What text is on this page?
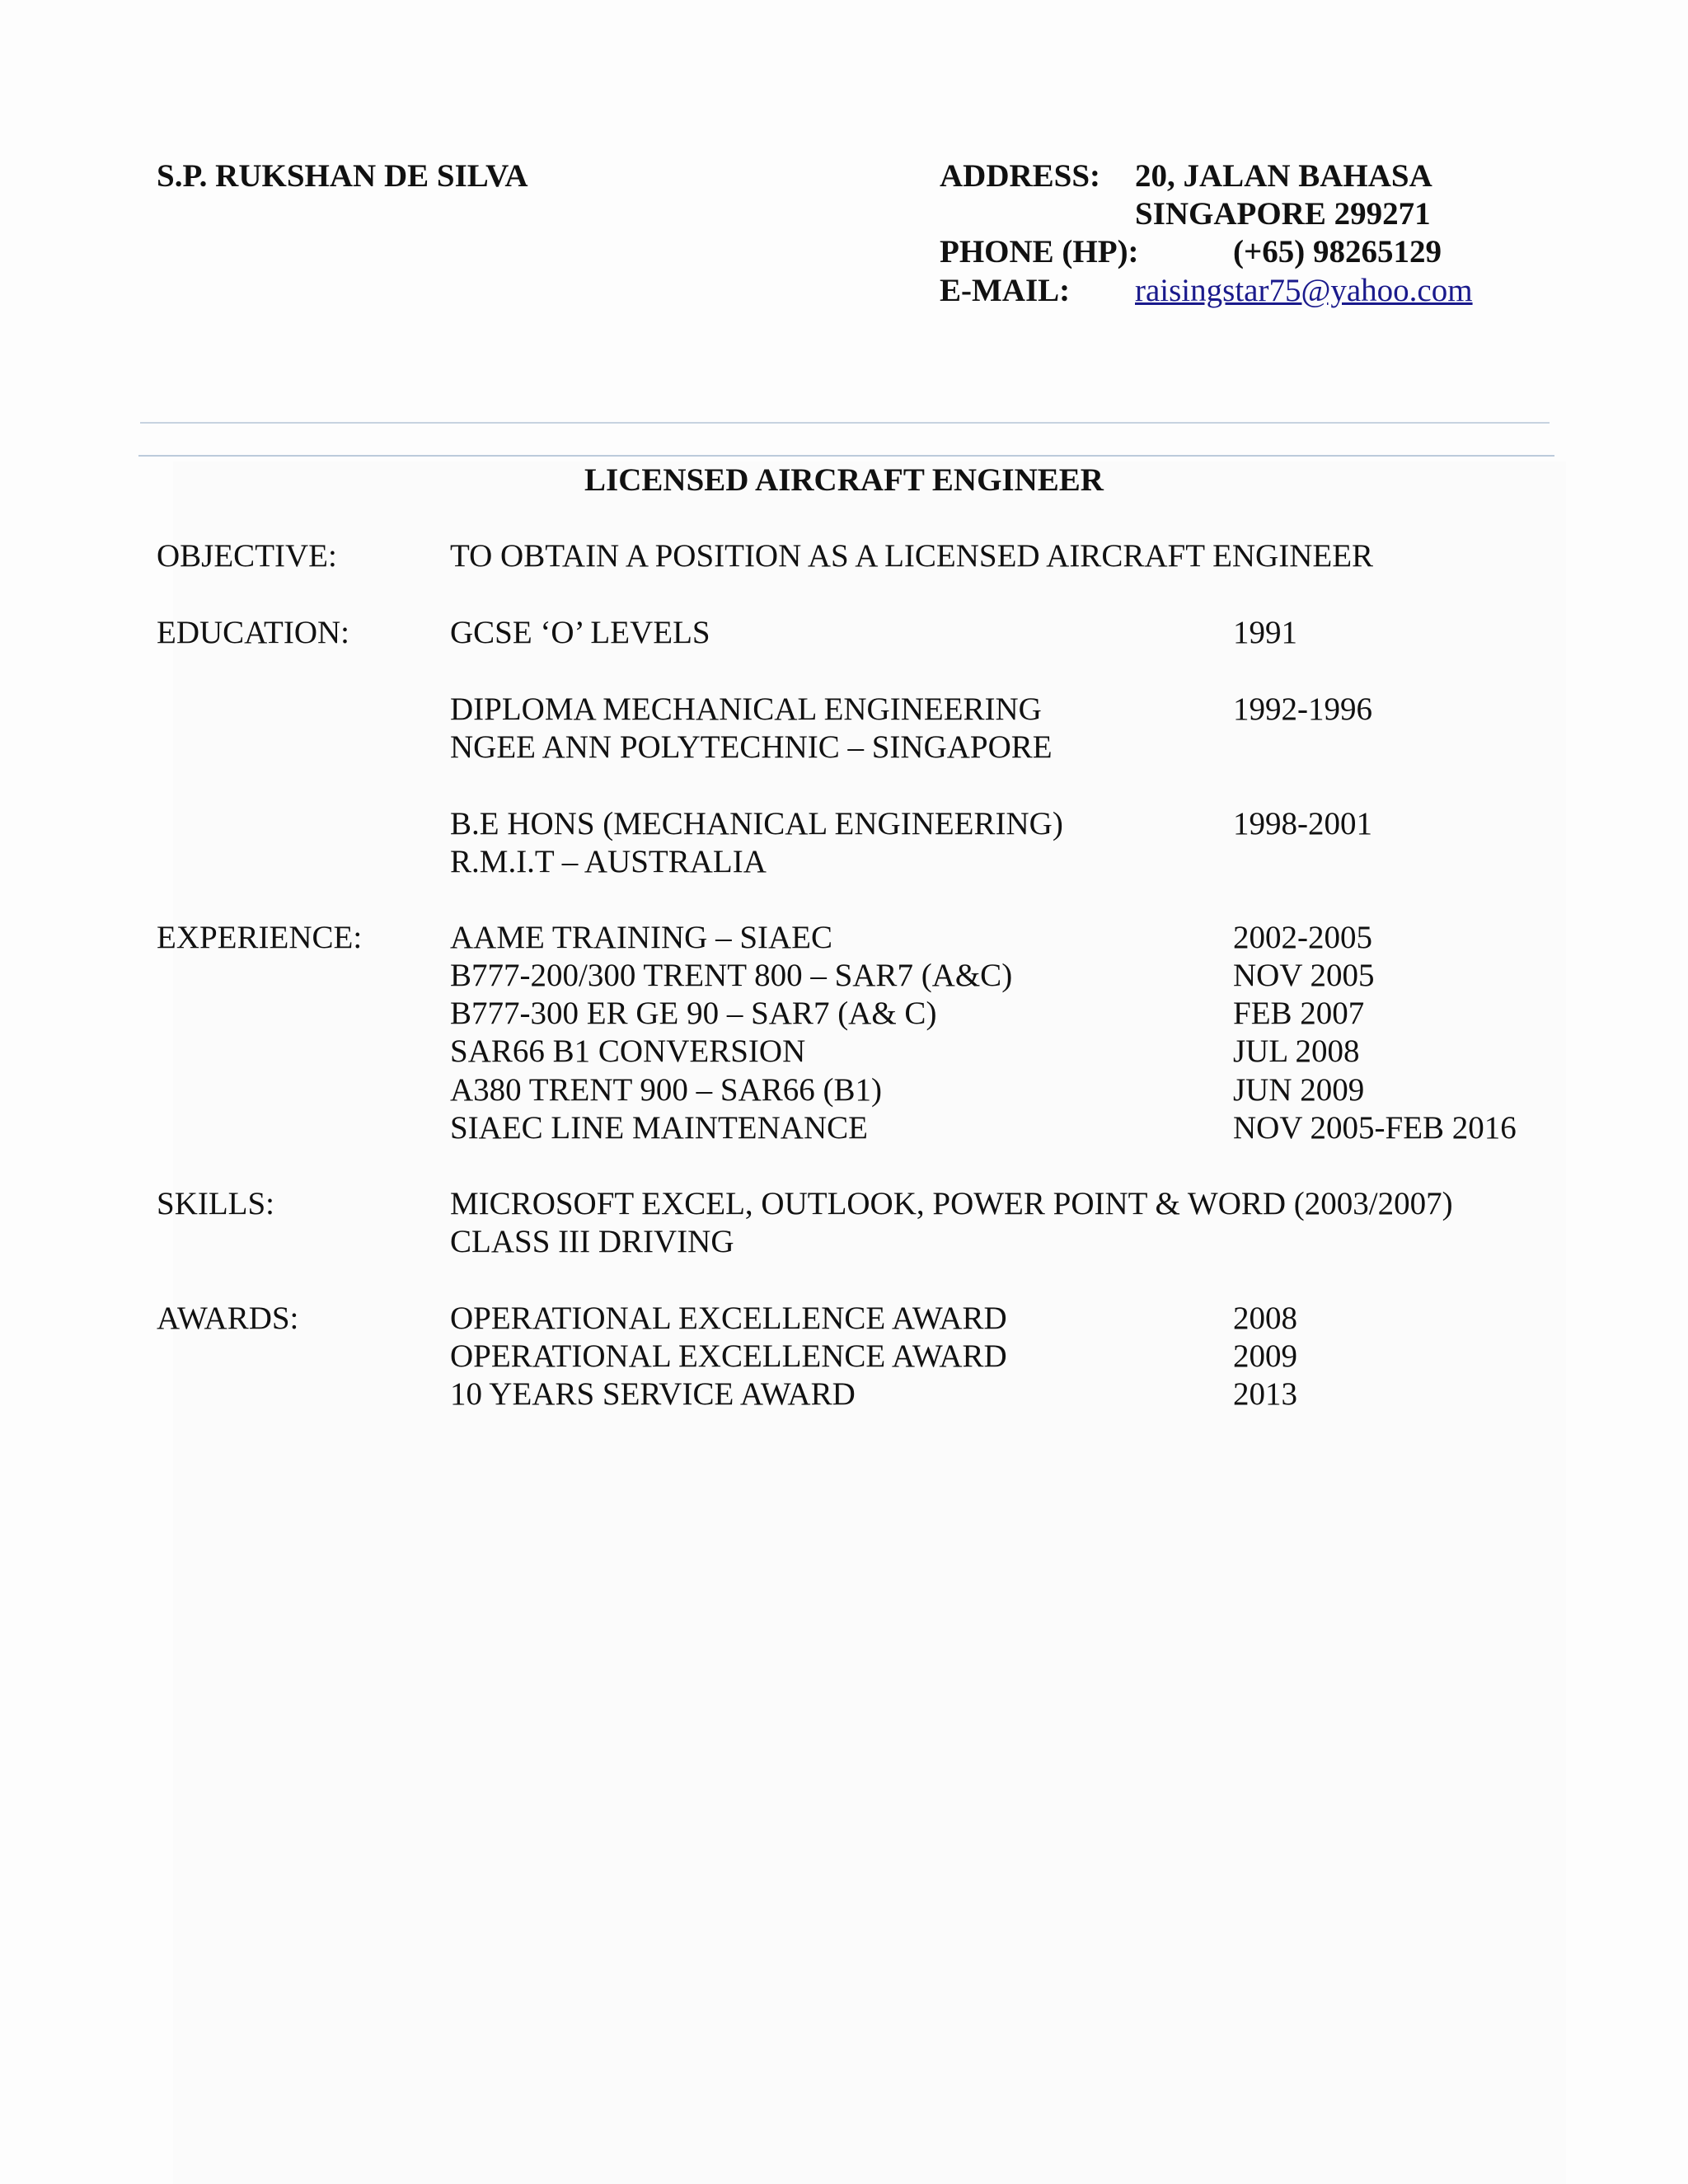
S.P. RUKSHAN DE SILVA	ADDRESS: 20, JALAN BAHASA
SINGAPORE 299271
PHONE (HP):	(+65) 98265129
E-MAIL: raisingstar75@yahoo.com
LICENSED AIRCRAFT ENGINEER
OBJECTIVE:	TO OBTAIN A POSITION AS A LICENSED AIRCRAFT ENGINEER
EDUCATION:	GCSE ‘O’ LEVELS	1991
DIPLOMA MECHANICAL ENGINEERING	1992-1996
NGEE ANN POLYTECHNIC – SINGAPORE
B.E HONS (MECHANICAL ENGINEERING)	1998-2001
R.M.I.T – AUSTRALIA
EXPERIENCE:	AAME TRAINING – SIAEC	2002-2005
B777-200/300 TRENT 800 – SAR7 (A&C)	NOV 2005
B777-300 ER GE 90 – SAR7 (A& C)	FEB 2007
SAR66 B1 CONVERSION	JUL 2008
A380 TRENT 900 – SAR66 (B1)	JUN 2009
SIAEC LINE MAINTENANCE	NOV 2005-FEB 2016
SKILLS:	MICROSOFT EXCEL, OUTLOOK, POWER POINT & WORD (2003/2007)
CLASS III DRIVING
AWARDS:	OPERATIONAL EXCELLENCE AWARD	2008
OPERATIONAL EXCELLENCE AWARD	2009
10 YEARS SERVICE AWARD	2013
